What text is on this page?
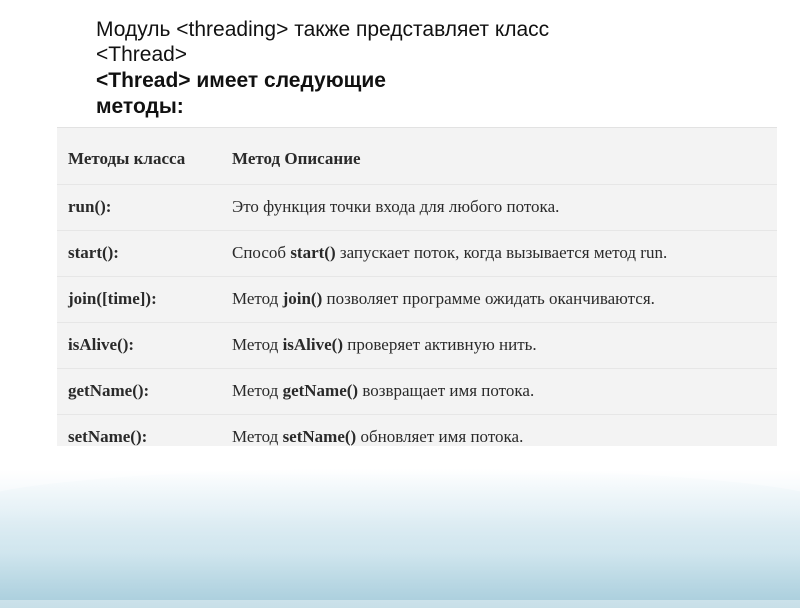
Модуль <threading> также представляет класс
<Thread>
<Thread> имеет следующие
методы:
Методы класса	Метод Описание
run():	Это функция точки входа для любого потока.
start():	Способ start() запускает поток, когда вызывается метод run.
join([time]):	Метод join() позволяет программе ожидать оканчиваются.
isAlive():	Метод isAlive() проверяет активную нить.
getName():	Метод getName() возвращает имя потока.
setName():	Метод setName() обновляет имя потока.
